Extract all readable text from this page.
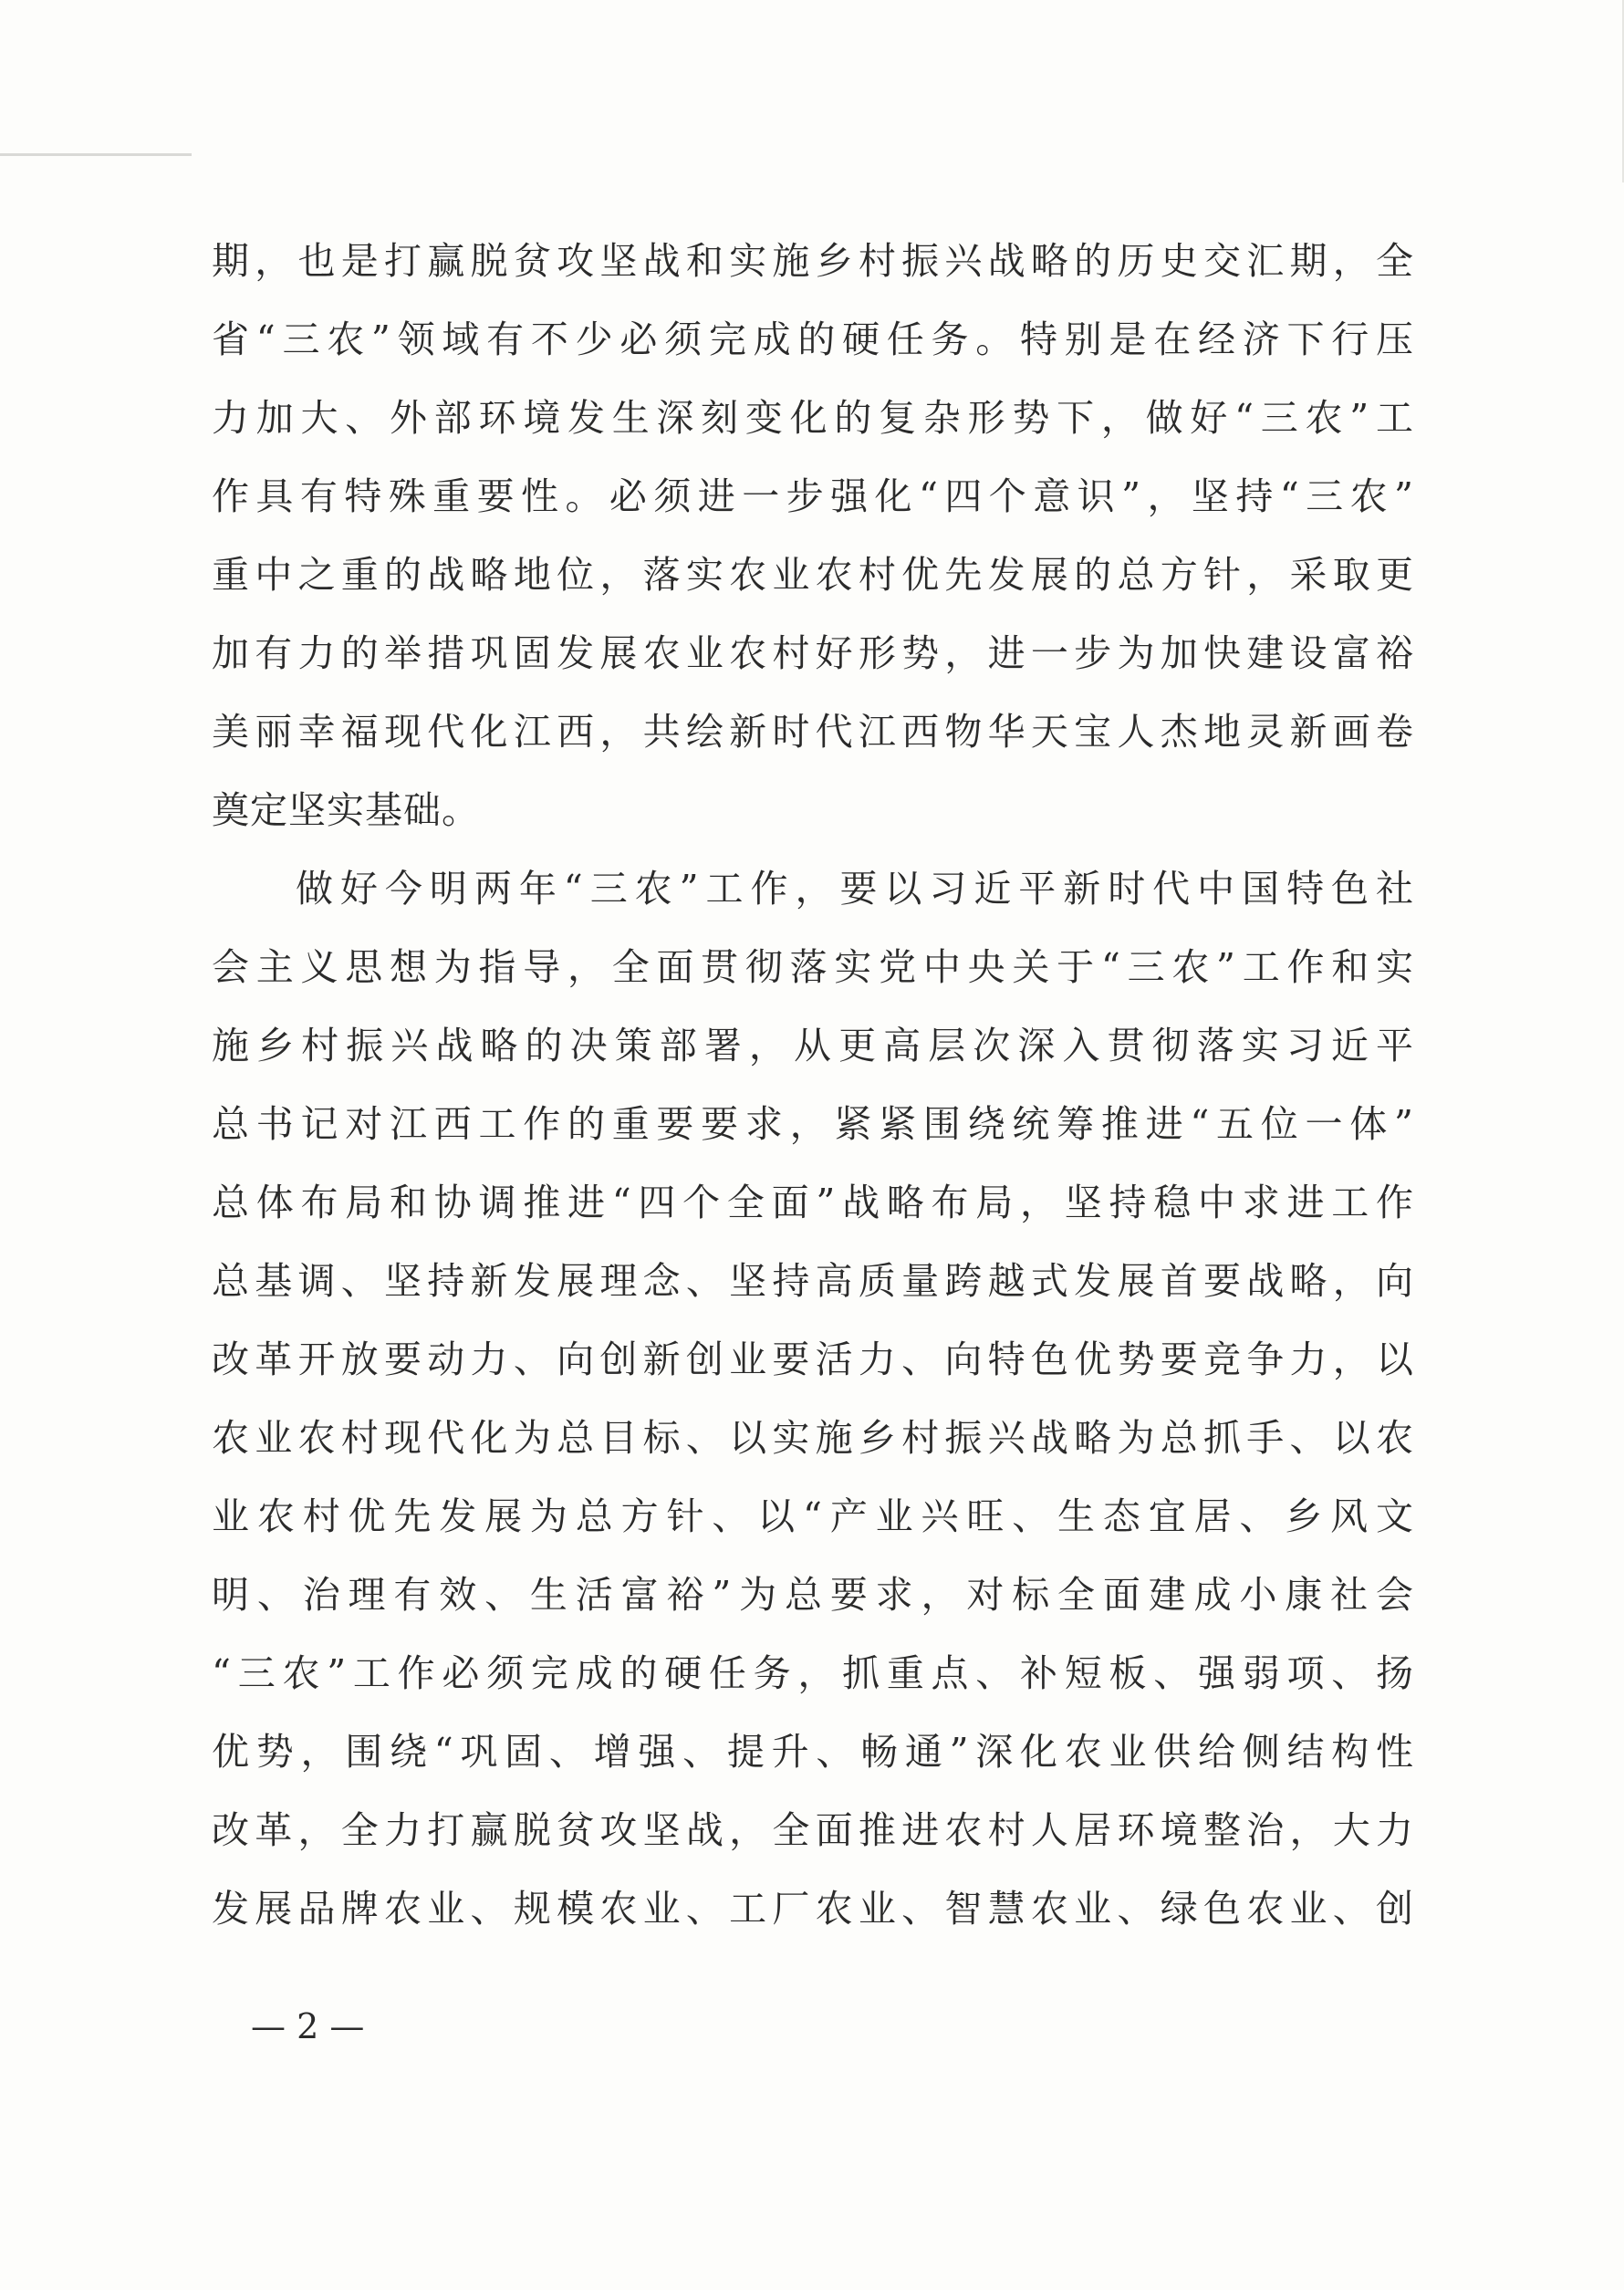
期，也是打赢脱贫攻坚战和实施乡村振兴战略的历史交汇期，全
省“三农”领域有不少必须完成的硬任务。特别是在经济下行压
力加大、外部环境发生深刻变化的复杂形势下，做好“三农”工
作具有特殊重要性。必须进一步强化“四个意识”，坚持“三农”
重中之重的战略地位，落实农业农村优先发展的总方针，采取更
加有力的举措巩固发展农业农村好形势，进一步为加快建设富裕
美丽幸福现代化江西，共绘新时代江西物华天宝人杰地灵新画卷
奠定坚实基础。
做好今明两年“三农”工作，要以习近平新时代中国特色社
会主义思想为指导，全面贯彻落实党中央关于“三农”工作和实
施乡村振兴战略的决策部署，从更高层次深入贯彻落实习近平
总书记对江西工作的重要要求，紧紧围绕统筹推进“五位一体”
总体布局和协调推进“四个全面”战略布局，坚持稳中求进工作
总基调、坚持新发展理念、坚持高质量跨越式发展首要战略，向
改革开放要动力、向创新创业要活力、向特色优势要竞争力，以
农业农村现代化为总目标、以实施乡村振兴战略为总抓手、以农
业农村优先发展为总方针、以“产业兴旺、生态宜居、乡风文
明、治理有效、生活富裕”为总要求，对标全面建成小康社会
“三农”工作必须完成的硬任务，抓重点、补短板、强弱项、扬
优势，围绕“巩固、增强、提升、畅通”深化农业供给侧结构性
改革，全力打赢脱贫攻坚战，全面推进农村人居环境整治，大力
发展品牌农业、规模农业、工厂农业、智慧农业、绿色农业、创
— 2 —
